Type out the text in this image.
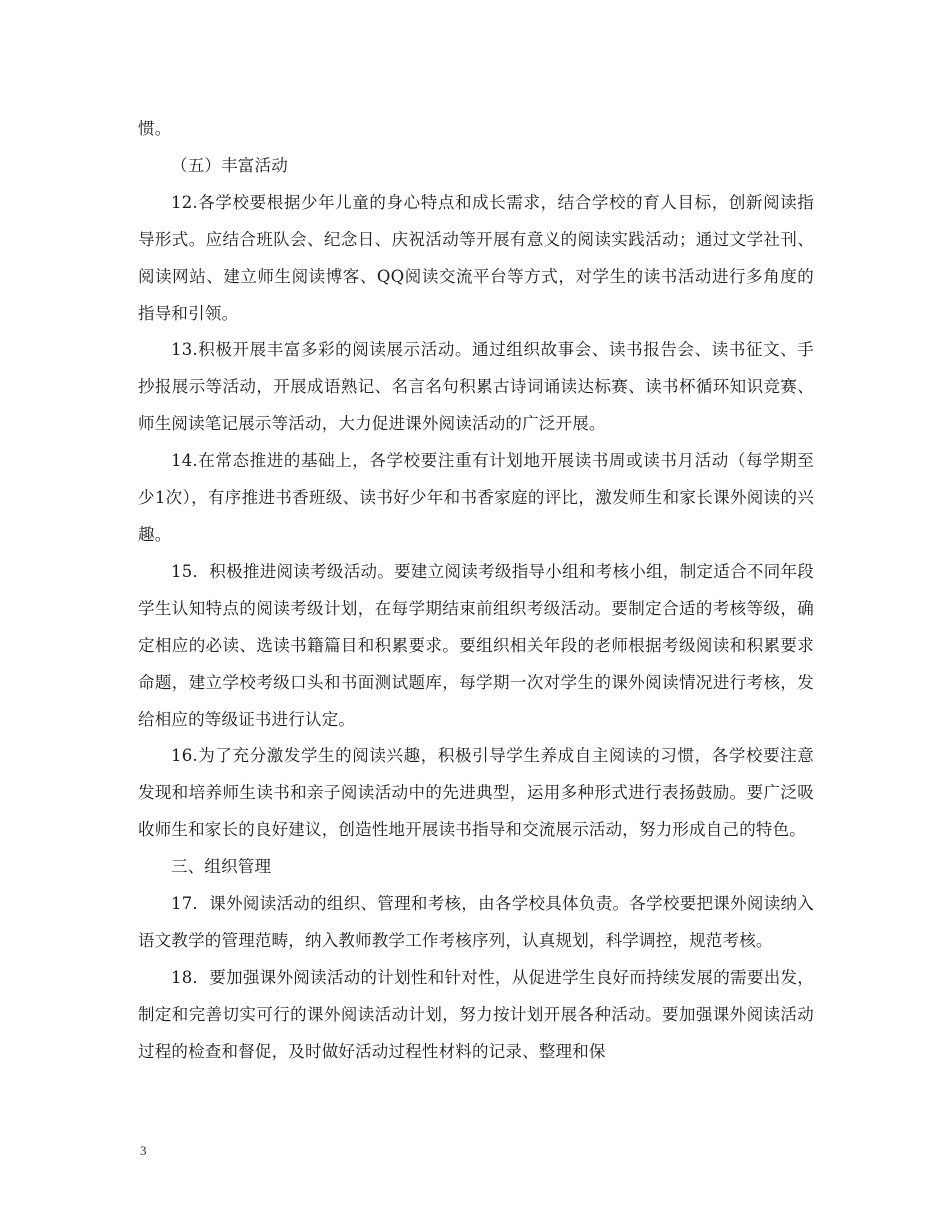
惯。

（五）丰富活动

12.各学校要根据少年儿童的身心特点和成长需求，结合学校的育人目标，创新阅读指导形式。应结合班队会、纪念日、庆祝活动等开展有意义的阅读实践活动；通过文学社刊、阅读网站、建立师生阅读博客、QQ阅读交流平台等方式，对学生的读书活动进行多角度的指导和引领。

13.积极开展丰富多彩的阅读展示活动。通过组织故事会、读书报告会、读书征文、手抄报展示等活动，开展成语熟记、名言名句积累古诗词诵读达标赛、读书杯循环知识竞赛、师生阅读笔记展示等活动，大力促进课外阅读活动的广泛开展。

14.在常态推进的基础上，各学校要注重有计划地开展读书周或读书月活动（每学期至少1次），有序推进书香班级、读书好少年和书香家庭的评比，激发师生和家长课外阅读的兴趣。

15．积极推进阅读考级活动。要建立阅读考级指导小组和考核小组，制定适合不同年段学生认知特点的阅读考级计划，在每学期结束前组织考级活动。要制定合适的考核等级，确定相应的必读、选读书籍篇目和积累要求。要组织相关年段的老师根据考级阅读和积累要求命题，建立学校考级口头和书面测试题库，每学期一次对学生的课外阅读情况进行考核，发给相应的等级证书进行认定。

16.为了充分激发学生的阅读兴趣，积极引导学生养成自主阅读的习惯，各学校要注意发现和培养师生读书和亲子阅读活动中的先进典型，运用多种形式进行表扬鼓励。要广泛吸收师生和家长的良好建议，创造性地开展读书指导和交流展示活动，努力形成自己的特色。

三、组织管理

17．课外阅读活动的组织、管理和考核，由各学校具体负责。各学校要把课外阅读纳入语文教学的管理范畴，纳入教师教学工作考核序列，认真规划，科学调控，规范考核。

18．要加强课外阅读活动的计划性和针对性，从促进学生良好而持续发展的需要出发，制定和完善切实可行的课外阅读活动计划，努力按计划开展各种活动。要加强课外阅读活动过程的检查和督促，及时做好活动过程性材料的记录、整理和保

3
